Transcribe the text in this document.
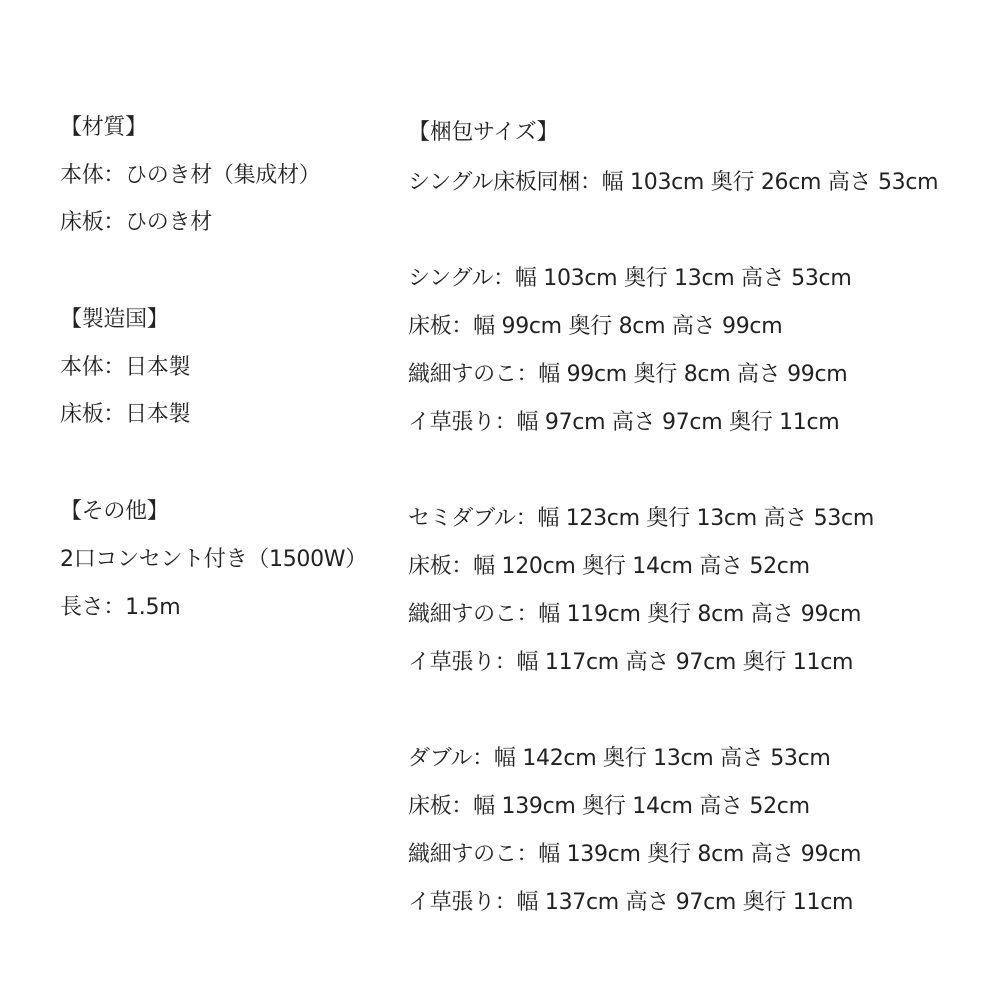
【材質】
本体：ひのき材（集成材）
床板：ひのき材
【製造国】
本体：日本製
床板：日本製
【その他】
2口コンセント付き（1500W）
長さ：1.5m
【梱包サイズ】
シングル床板同梱：幅 103cm 奥行 26cm 高さ 53cm
シングル：幅 103cm 奥行 13cm 高さ 53cm
床板：幅 99cm 奥行 8cm 高さ 99cm
織細すのこ：幅 99cm 奥行 8cm 高さ 99cm
イ草張り：幅 97cm 高さ 97cm 奥行 11cm
セミダブル：幅 123cm 奥行 13cm 高さ 53cm
床板：幅 120cm 奥行 14cm 高さ 52cm
織細すのこ：幅 119cm 奥行 8cm 高さ 99cm
イ草張り：幅 117cm 高さ 97cm 奥行 11cm
ダブル：幅 142cm 奥行 13cm 高さ 53cm
床板：幅 139cm 奥行 14cm 高さ 52cm
織細すのこ：幅 139cm 奥行 8cm 高さ 99cm
イ草張り：幅 137cm 高さ 97cm 奥行 11cm
